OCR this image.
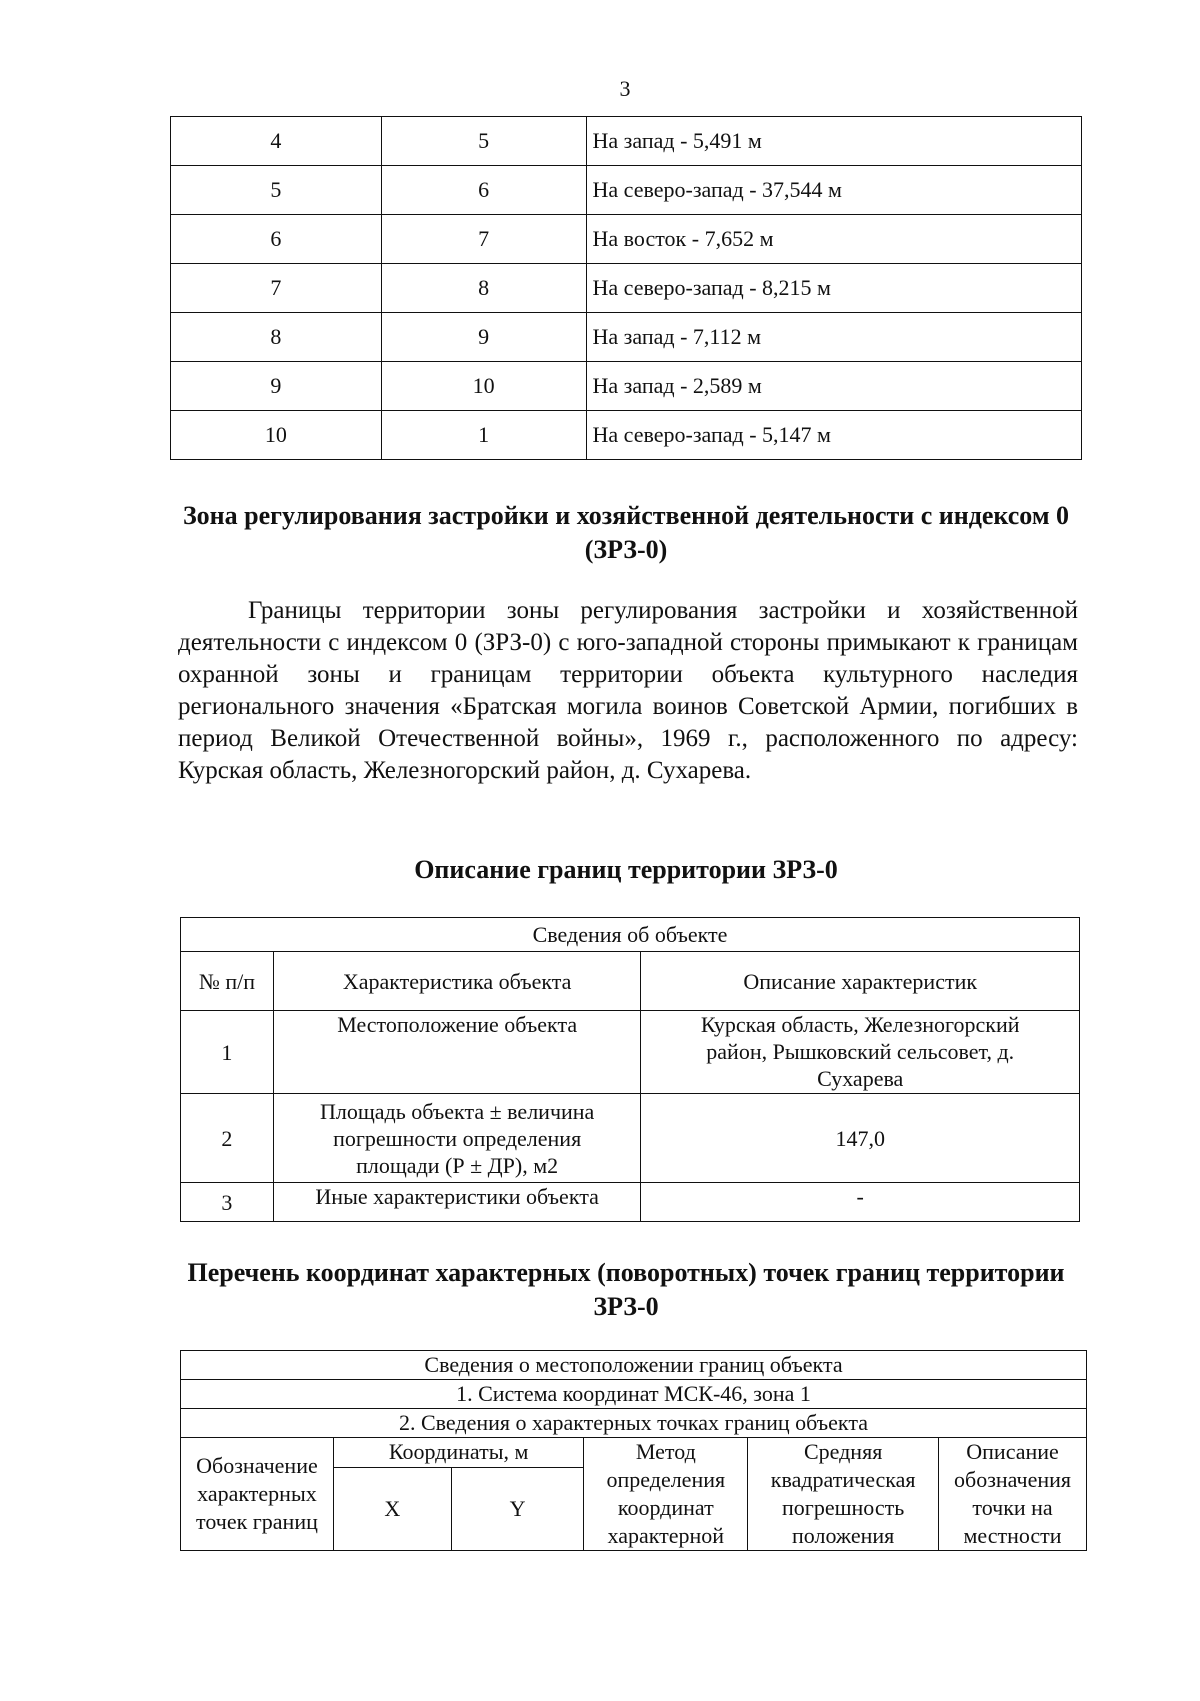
3
4	5	На запад - 5,491 м
5	6	На северо-запад - 37,544 м
6	7	На восток - 7,652 м
7	8	На северо-запад - 8,215 м
8	9	На запад - 7,112 м
9	10	На запад - 2,589 м
10	1	На северо-запад - 5,147 м
Зона регулирования застройки и хозяйственной деятельности с индексом 0 (ЗРЗ-0)
Границы территории зоны регулирования застройки и хозяйственной деятельности с индексом 0 (ЗРЗ-0) с юго-западной стороны примыкают к границам охранной зоны и границам территории объекта культурного наследия регионального значения «Братская могила воинов Советской Армии, погибших в период Великой Отечественной войны», 1969 г., расположенного по адресу: Курская область, Железногорский район, д. Сухарева.
Описание границ территории ЗРЗ-0
Сведения об объекте		
№ п/п	Характеристика объекта	Описание характеристик
1	Местоположение объекта	Курская область, Железногорский район, Рышковский сельсовет, д. Сухарева
2	Площадь объекта ± величина погрешности определения площади (Р ± ДР), м2	147,0
3	Иные характеристики объекта	-
Перечень координат характерных (поворотных) точек границ территории ЗРЗ-0
Сведения о местоположении границ объекта					
1. Система координат МСК-46, зона 1					
2. Сведения о характерных точках границ объекта					
Обозначение характерных точек границ	Координаты, м		Метод определения координат характерной	Средняя квадратическая погрешность положения	Описание обозначения точки на местности
	X	Y			
